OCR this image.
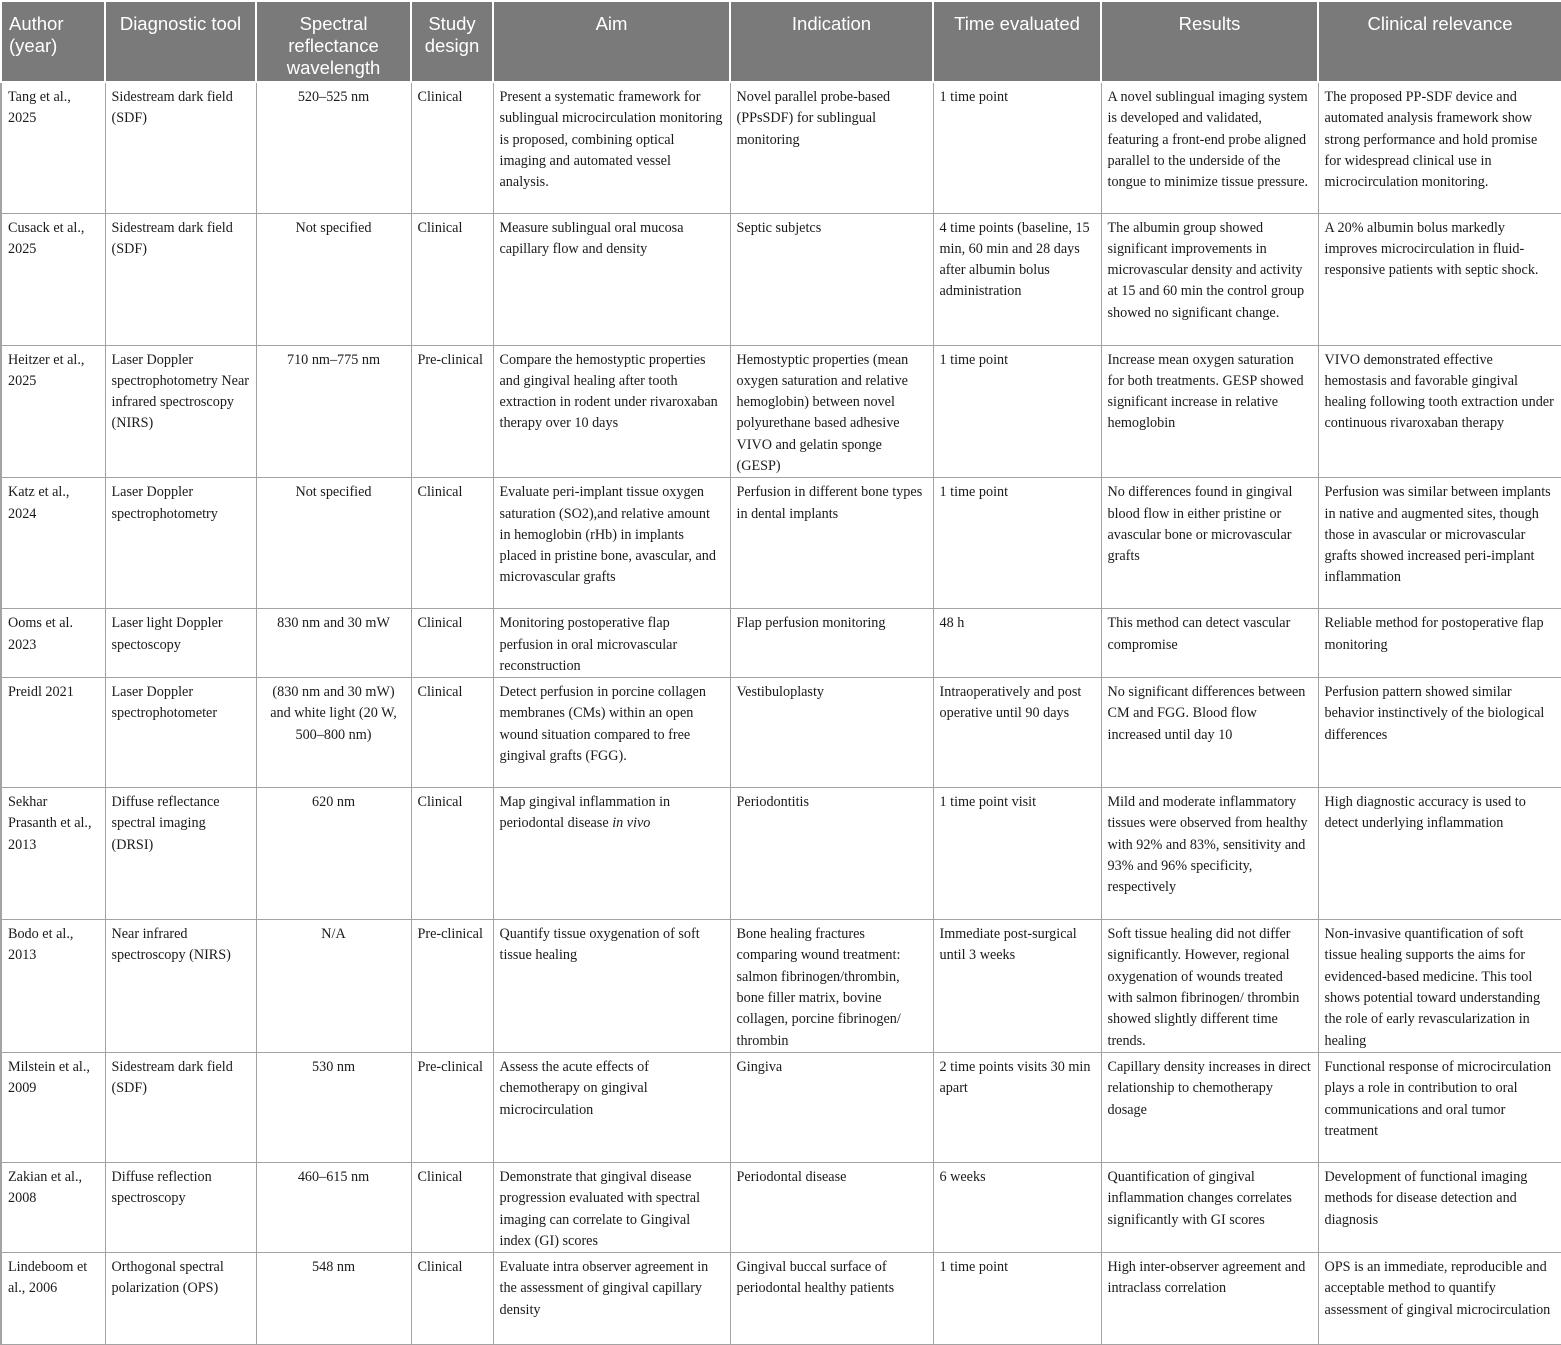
Author (year)	Diagnostic tool	Spectral reflectance wavelength	Study design	Aim	Indication	Time evaluated	Results	Clinical relevance
Tang et al., 2025	Sidestream dark field (SDF)	520–525 nm	Clinical	Present a systematic framework for sublingual microcirculation monitoring is proposed, combining optical imaging and automated vessel analysis.	Novel parallel probe-based (PPsSDF) for sublingual monitoring	1 time point	A novel sublingual imaging system is developed and validated, featuring a front-end probe aligned parallel to the underside of the tongue to minimize tissue pressure.	The proposed PP-SDF device and automated analysis framework show strong performance and hold promise for widespread clinical use in microcirculation monitoring.
Cusack et al., 2025	Sidestream dark field (SDF)	Not specified	Clinical	Measure sublingual oral mucosa capillary flow and density	Septic subjetcs	4 time points (baseline, 15 min, 60 min and 28 days after albumin bolus administration	The albumin group showed significant improvements in microvascular density and activity at 15 and 60 min the control group showed no significant change.	A 20% albumin bolus markedly improves microcirculation in fluid-responsive patients with septic shock.
Heitzer et al., 2025	Laser Doppler spectrophotometry Near infrared spectroscopy (NIRS)	710 nm–775 nm	Pre-clinical	Compare the hemostyptic properties and gingival healing after tooth extraction in rodent under rivaroxaban therapy over 10 days	Hemostyptic properties (mean oxygen saturation and relative hemoglobin) between novel polyurethane based adhesive VIVO and gelatin sponge (GESP)	1 time point	Increase mean oxygen saturation for both treatments. GESP showed significant increase in relative hemoglobin	VIVO demonstrated effective hemostasis and favorable gingival healing following tooth extraction under continuous rivaroxaban therapy
Katz et al., 2024	Laser Doppler spectrophotometry	Not specified	Clinical	Evaluate peri-implant tissue oxygen saturation (SO2),and relative amount in hemoglobin (rHb) in implants placed in pristine bone, avascular, and microvascular grafts	Perfusion in different bone types in dental implants	1 time point	No differences found in gingival blood flow in either pristine or avascular bone or microvascular grafts	Perfusion was similar between implants in native and augmented sites, though those in avascular or microvascular grafts showed increased peri-implant inflammation
Ooms et al. 2023	Laser light Doppler spectoscopy	830 nm and 30 mW	Clinical	Monitoring postoperative flap perfusion in oral microvascular reconstruction	Flap perfusion monitoring	48 h	This method can detect vascular compromise	Reliable method for postoperative flap monitoring
Preidl 2021	Laser Doppler spectrophotometer	(830 nm and 30 mW) and white light (20 W, 500–800 nm)	Clinical	Detect perfusion in porcine collagen membranes (CMs) within an open wound situation compared to free gingival grafts (FGG).	Vestibuloplasty	Intraoperatively and post operative until 90 days	No significant differences between CM and FGG. Blood flow increased until day 10	Perfusion pattern showed similar behavior instinctively of the biological differences
Sekhar Prasanth et al., 2013	Diffuse reflectance spectral imaging (DRSI)	620 nm	Clinical	Map gingival inflammation in periodontal disease in vivo	Periodontitis	1 time point visit	Mild and moderate inflammatory tissues were observed from healthy with 92% and 83%, sensitivity and 93% and 96% specificity, respectively	High diagnostic accuracy is used to detect underlying inflammation
Bodo et al., 2013	Near infrared spectroscopy (NIRS)	N/A	Pre-clinical	Quantify tissue oxygenation of soft tissue healing	Bone healing fractures comparing wound treatment: salmon fibrinogen/thrombin, bone filler matrix, bovine collagen, porcine fibrinogen/ thrombin	Immediate post-surgical until 3 weeks	Soft tissue healing did not differ significantly. However, regional oxygenation of wounds treated with salmon fibrinogen/ thrombin showed slightly different time trends.	Non-invasive quantification of soft tissue healing supports the aims for evidenced-based medicine. This tool shows potential toward understanding the role of early revascularization in healing
Milstein et al., 2009	Sidestream dark field (SDF)	530 nm	Pre-clinical	Assess the acute effects of chemotherapy on gingival microcirculation	Gingiva	2 time points visits 30 min apart	Capillary density increases in direct relationship to chemotherapy dosage	Functional response of microcirculation plays a role in contribution to oral communications and oral tumor treatment
Zakian et al., 2008	Diffuse reflection spectroscopy	460–615 nm	Clinical	Demonstrate that gingival disease progression evaluated with spectral imaging can correlate to Gingival index (GI) scores	Periodontal disease	6 weeks	Quantification of gingival inflammation changes correlates significantly with GI scores	Development of functional imaging methods for disease detection and diagnosis
Lindeboom et al., 2006	Orthogonal spectral polarization (OPS)	548 nm	Clinical	Evaluate intra observer agreement in the assessment of gingival capillary density	Gingival buccal surface of periodontal healthy patients	1 time point	High inter-observer agreement and intraclass correlation	OPS is an immediate, reproducible and acceptable method to quantify assessment of gingival microcirculation
